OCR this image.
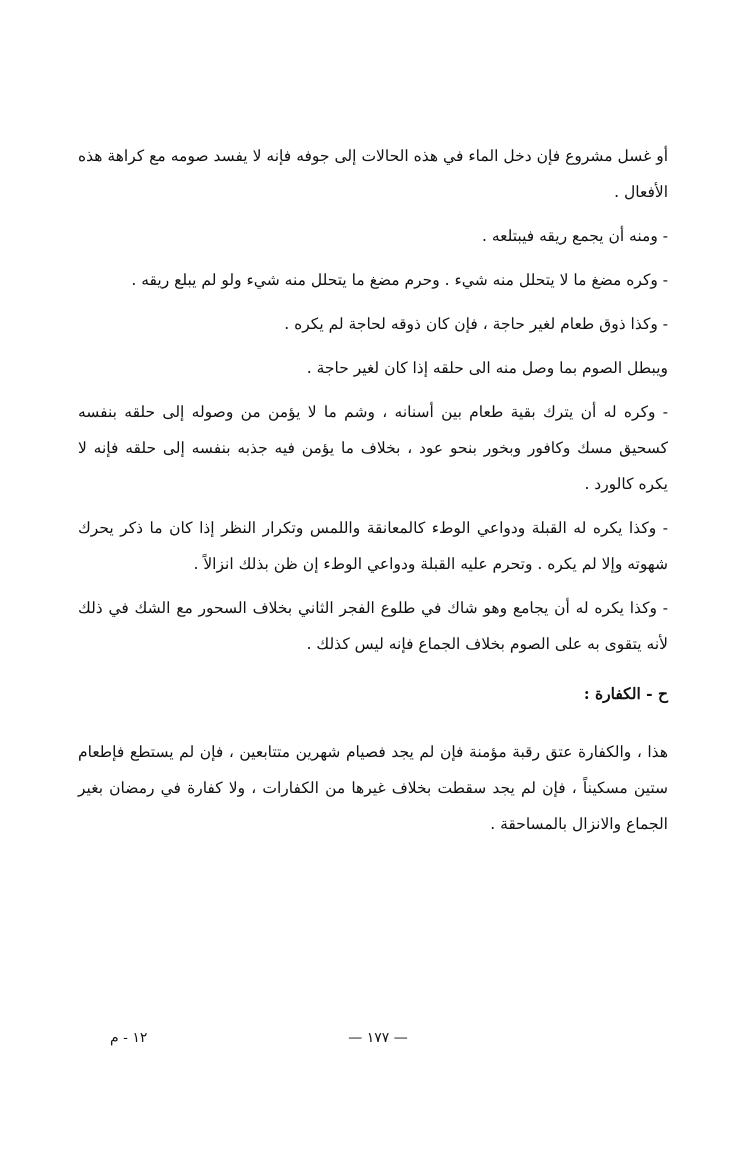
أو غسل مشروع فإن دخل الماء في هذه الحالات إلى جوفه فإنه لا يفسد صومه مع كراهة هذه الأفعال .

- ومنه أن يجمع ريقه فيبتلعه .

- وكره مضغ ما لا يتحلل منه شيء . وحرم مضغ ما يتحلل منه شيء ولو لم يبلع ريقه .

- وكذا ذوق طعام لغير حاجة ، فإن كان ذوقه لحاجة لم يكره .

ويبطل الصوم بما وصل منه الى حلقه إذا كان لغير حاجة .

- وكره له أن يترك بقية طعام بين أسنانه ، وشم ما لا يؤمن من وصوله إلى حلقه بنفسه كسحيق مسك وكافور وبخور بنحو عود ، بخلاف ما يؤمن فيه جذبه بنفسه إلى حلقه فإنه لا يكره كالورد .

- وكذا يكره له القبلة ودواعي الوطء كالمعانقة واللمس وتكرار النظر إذا كان ما ذكر يحرك شهوته وإلا لم يكره . وتحرم عليه القبلة ودواعي الوطء إن ظن بذلك انزالاً .

- وكذا يكره له أن يجامع وهو شاك في طلوع الفجر الثاني بخلاف السحور مع الشك في ذلك لأنه يتقوى به على الصوم بخلاف الجماع فإنه ليس كذلك .

ح - الكفارة :

هذا ، والكفارة عتق رقبة مؤمنة فإن لم يجد فصيام شهرين متتابعين ، فإن لم يستطع فإطعام ستين مسكيناً ، فإن لم يجد سقطت بخلاف غيرها من الكفارات ، ولا كفارة في رمضان بغير الجماع والانزال بالمساحقة .

— ١٧٧ —
١٢ - م
